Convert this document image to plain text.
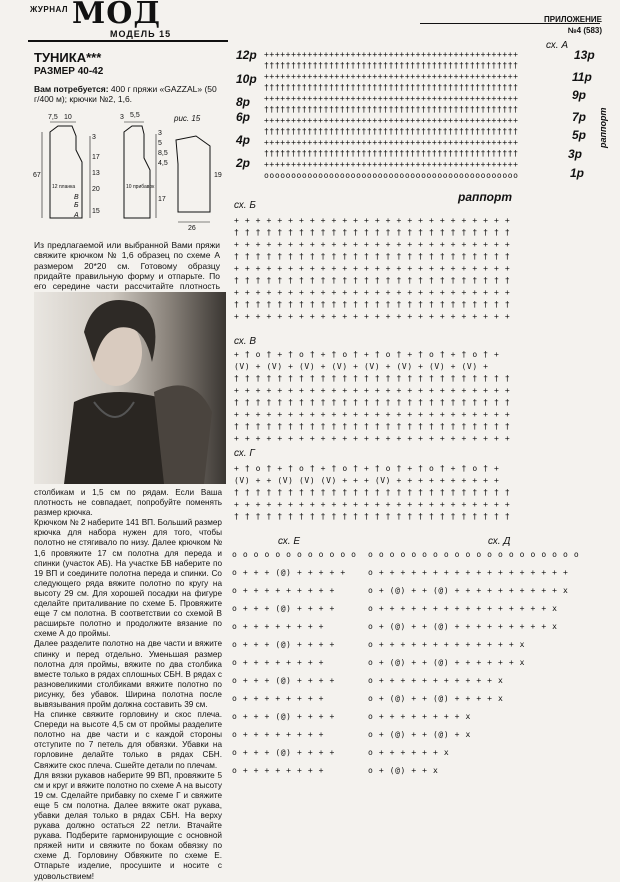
ЖУРНАЛ МОД
МОДЕЛЬ 15
ПРИЛОЖЕНИЕ
№4 (583)
ТУНИКА***
РАЗМЕР 40-42
Вам потребуется: 400 г пряжи «GAZZAL» (50 г/400 м); крючки №2, 1,6.
7,5 10	3
3
17
20
67
15
5,5
3
5
8,5
4,5
19
17
26
12 планка	10 прибавок
13
В
А
Б
рис. 15
Из предлагаемой или выбранной Вами пряжи свяжите крючком № 1,6 образец по схеме А размером 20*20 см. Готовому образцу придайте правильную форму и отпарьте. По его середине части рассчитайте плотность

столбикам и 1,5 см по рядам. Если Ваша плотность не совпадает, попробуйте поменять размер крючка.

Крючком № 2 наберите 141 ВП. Больший размер крючка для набора нужен для того, чтобы полотно не стягивало по низу. Далее крючком № 1,6 провяжите 17 см полотна для переда и спинки (участок АБ). На участке БВ наберите по 19 ВП и соедините полотна переда и спинки. Со следующего ряда вяжите полотно по кругу на высоту 29 см. Для хорошей посадки на фигуре сделайте приталивание по схеме Б. Провяжите еще 7 см полотна. В соответствии со схемой В расширьте полотно и продолжите вязание по схеме А до проймы.

Далее разделите полотно на две части и вяжите спинку и перед отдельно. Уменьшая размер полотна для проймы, вяжите по два столбика вместе только в рядах сплошных СБН. В рядах с разновеликими столбиками вяжите полотно по рисунку, без убавок. Ширина полотна после вывязывания пройм должна составить 39 см.

На спинке свяжите горловину и скос плеча. Спереди на высоте 4,5 см от проймы разделите полотно на две части и с каждой стороны отступите по 7 петель для обвязки. Убавки на горловине делайте только в рядах СБН. Свяжите скос плеча. Сшейте детали по плечам.

Для вязки рукавов наберите 99 ВП, провяжите 5 см и круг и вяжите полотно по схеме А на высоту 19 см. Сделайте прибавку по схеме Г и свяжите еще 5 см полотна. Далее вяжите окат рукава, убавки делая только в рядах СБН. На верху рукава должно остаться 22 петли. Втачайте рукава. Подберите гармонирующие с основной пряжей нити и свяжите по бокам обвязку по схеме Д. Горловину Обвяжите по схеме Е. Отпарьте изделие, просушите и носите с удовольствием!

сх. А
12р
10р
8р
6р
4р
2р
13р
11р
9р
7р
5р
3р
1р
раппорт
раппорт
+++++++++++++++++++++++++++++++++++++++++++++++
†††††††††††††††††††††††††††††††††††††††††††††††
+++++++++++++++++++++++++++++++++++++++++++++++
†††††††††††††††††††††††††††††††††††††††††††††††
+++++++++++++++++++++++++++++++++++++++++++++++
†††††††††††††††††††††††††††††††††††††††††††††††
+++++++++++++++++++++++++++++++++++++++++++++++
†††††††††††††††††††††††††††††††††††††††††††††††
+++++++++++++++++++++++++++++++++++++++++++++++
†††††††††††††††††††††††††††††††††††††††††††††††
+++++++++++++++++++++++++++++++++++++++++++++++
ooooooooooooooooooooooooooooooooooooooooooooooo
сх. Б
+ + + + + + + + + + + + + + + + + + + + + + + + + +
† † † † † † † † † † † † † † † † † † † † † † † † † †
+ + + + + + + + + + + + + + + + + + + + + + + + + +
† † † † † † † † † † † † † † † † † † † † † † † † † †
+ + + + + + + + + + + + + + + + + + + + + + + + + +
† † † † † † † † † † † † † † † † † † † † † † † † † †
+ + + + + + + + + + + + + + + + + + + + + + + + + +
† † † † † † † † † † † † † † † † † † † † † † † † † †
+ + + + + + + + + + + + + + + + + + + + + + + + + +
сх. В
+ † o † + † o † + † o † + † o † + † o † + † o † +
(V) + (V) + (V) + (V) + (V) + (V) + (V) + (V) +
† † † † † † † † † † † † † † † † † † † † † † † † † †
+ + + + + + + + + + + + + + + + + + + + + + + + + +
† † † † † † † † † † † † † † † † † † † † † † † † † †
+ + + + + + + + + + + + + + + + + + + + + + + + + +
† † † † † † † † † † † † † † † † † † † † † † † † † †
+ + + + + + + + + + + + + + + + + + + + + + + + + +
сх. Г
+ † o † + † o † + † o † + † o † + † o † + † o † +
(V) + + (V) (V) (V) + + + (V) + + + + + + + + + +
† † † † † † † † † † † † † † † † † † † † † † † † † †
+ + + + + + + + + + + + + + + + + + + + + + + + + +
† † † † † † † † † † † † † † † † † † † † † † † † † †
сх. Е
o o o o o o o o o o o o
o + + + (@) + + + + +
o + + + + + + + + +
o + + + (@) + + + +
o + + + + + + + +
o + + + (@) + + + +
o + + + + + + + +
o + + + (@) + + + +
o + + + + + + + +
o + + + (@) + + + +
o + + + + + + + +
o + + + (@) + + + +
o + + + + + + + +
сх. Д
o o o o o o o o o o o o o o o o o o o o
o + + + + + + + + + + + + + + + + + +
o + (@) + + (@) + + + + + + + + + + x
o + + + + + + + + + + + + + + + + x
o + (@) + + (@) + + + + + + + + + x
o + + + + + + + + + + + + + x
o + (@) + + (@) + + + + + + x
o + + + + + + + + + + + x
o + (@) + + (@) + + + + x
o + + + + + + + + x
o + (@) + + (@) + x
o + + + + + + x
o + (@) + + x
